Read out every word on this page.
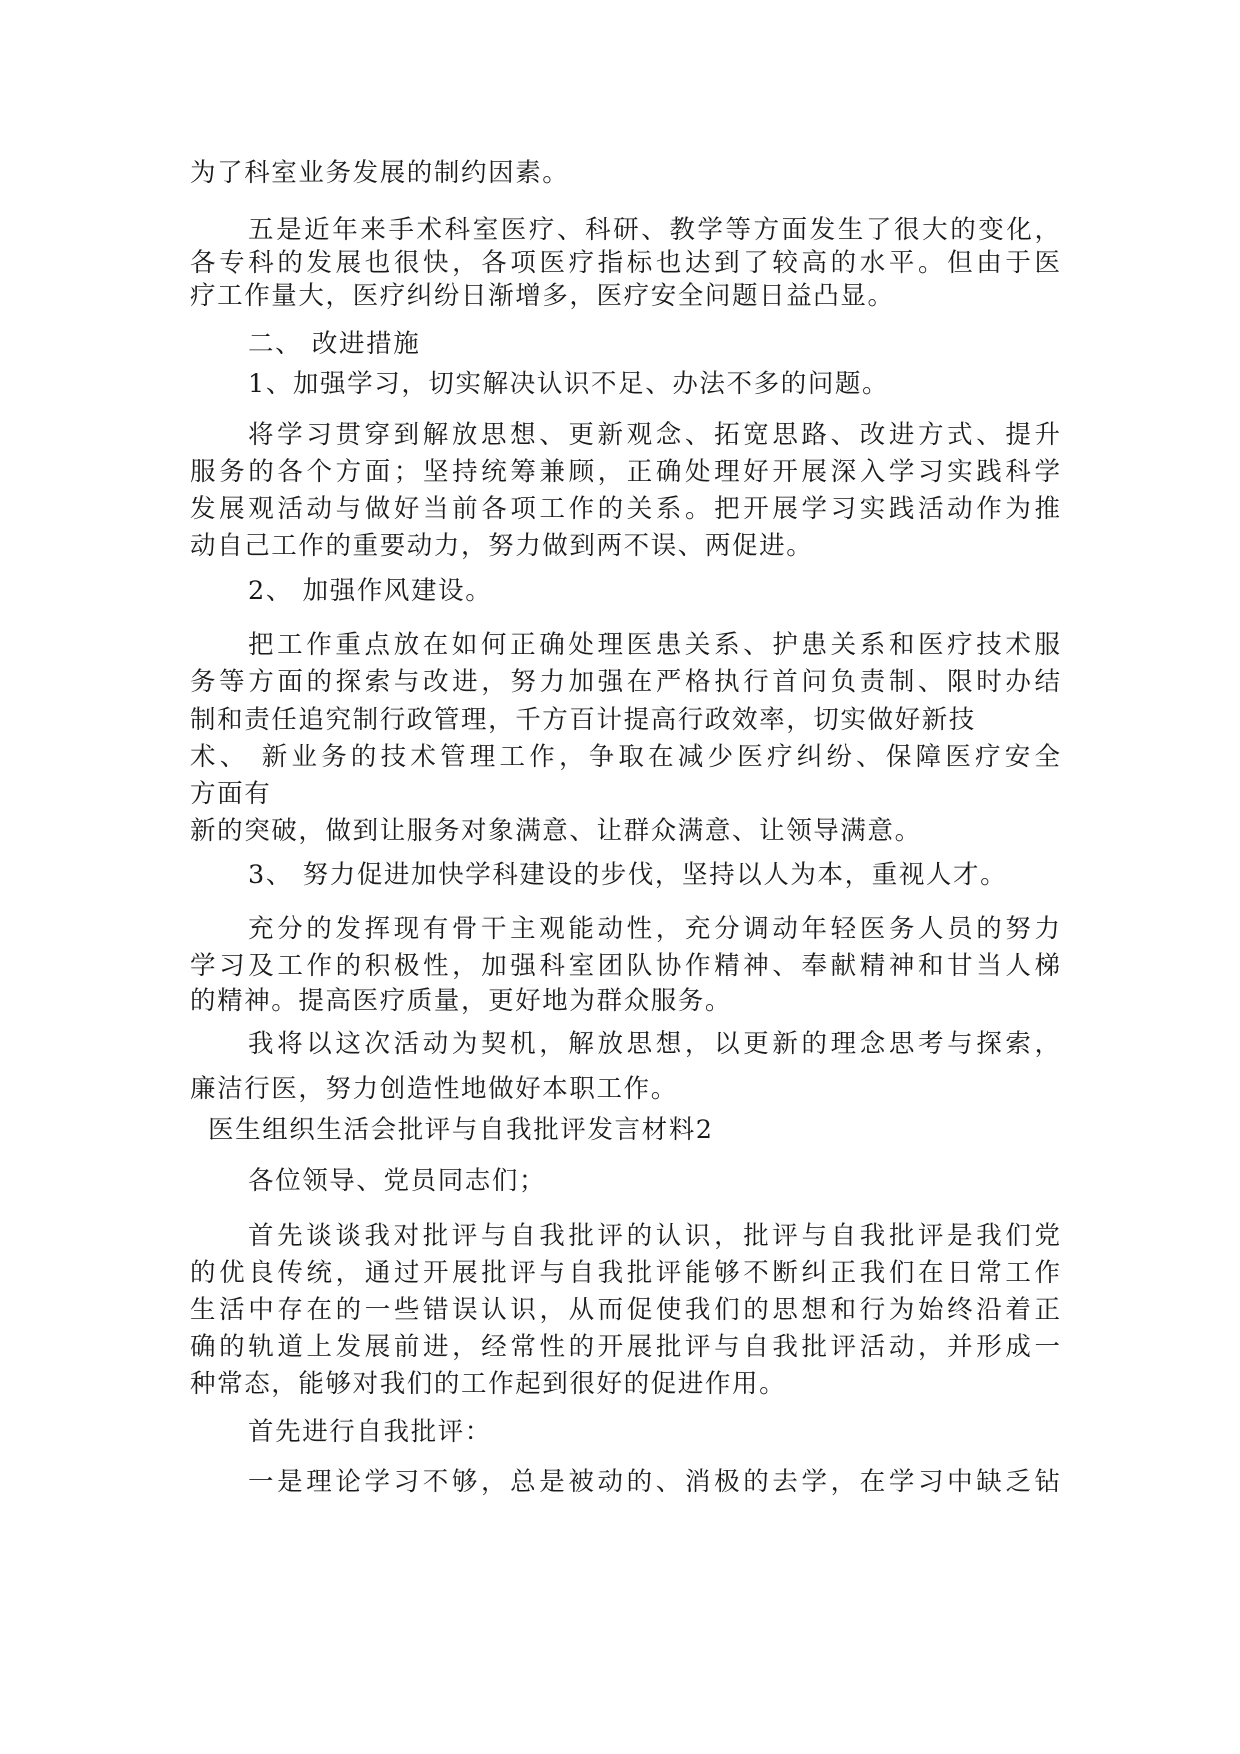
为了科室业务发展的制约因素。
五是近年来手术科室医疗、科研、教学等方面发生了很大的变化，
各专科的发展也很快，各项医疗指标也达到了较高的水平。但由于医
疗工作量大，医疗纠纷日渐增多，医疗安全问题日益凸显。
二、 改进措施
1、加强学习，切实解决认识不足、办法不多的问题。
将学习贯穿到解放思想、更新观念、拓宽思路、改进方式、提升
服务的各个方面；坚持统筹兼顾，正确处理好开展深入学习实践科学
发展观活动与做好当前各项工作的关系。把开展学习实践活动作为推
动自己工作的重要动力，努力做到两不误、两促进。
2、 加强作风建设。
把工作重点放在如何正确处理医患关系、护患关系和医疗技术服
务等方面的探索与改进，努力加强在严格执行首问负责制、限时办结
制和责任追究制行政管理，千方百计提高行政效率，切实做好新技
术、 新业务的技术管理工作，争取在减少医疗纠纷、保障医疗安全
方面有
新的突破，做到让服务对象满意、让群众满意、让领导满意。
3、 努力促进加快学科建设的步伐，坚持以人为本，重视人才。
充分的发挥现有骨干主观能动性，充分调动年轻医务人员的努力
学习及工作的积极性，加强科室团队协作精神、奉献精神和甘当人梯
的精神。提高医疗质量，更好地为群众服务。
我将以这次活动为契机，解放思想，以更新的理念思考与探索，
廉洁行医，努力创造性地做好本职工作。
医生组织生活会批评与自我批评发言材料2
各位领导、党员同志们；
首先谈谈我对批评与自我批评的认识，批评与自我批评是我们党
的优良传统，通过开展批评与自我批评能够不断纠正我们在日常工作
生活中存在的一些错误认识，从而促使我们的思想和行为始终沿着正
确的轨道上发展前进，经常性的开展批评与自我批评活动，并形成一
种常态，能够对我们的工作起到很好的促进作用。
首先进行自我批评：
一是理论学习不够，总是被动的、消极的去学，在学习中缺乏钻
